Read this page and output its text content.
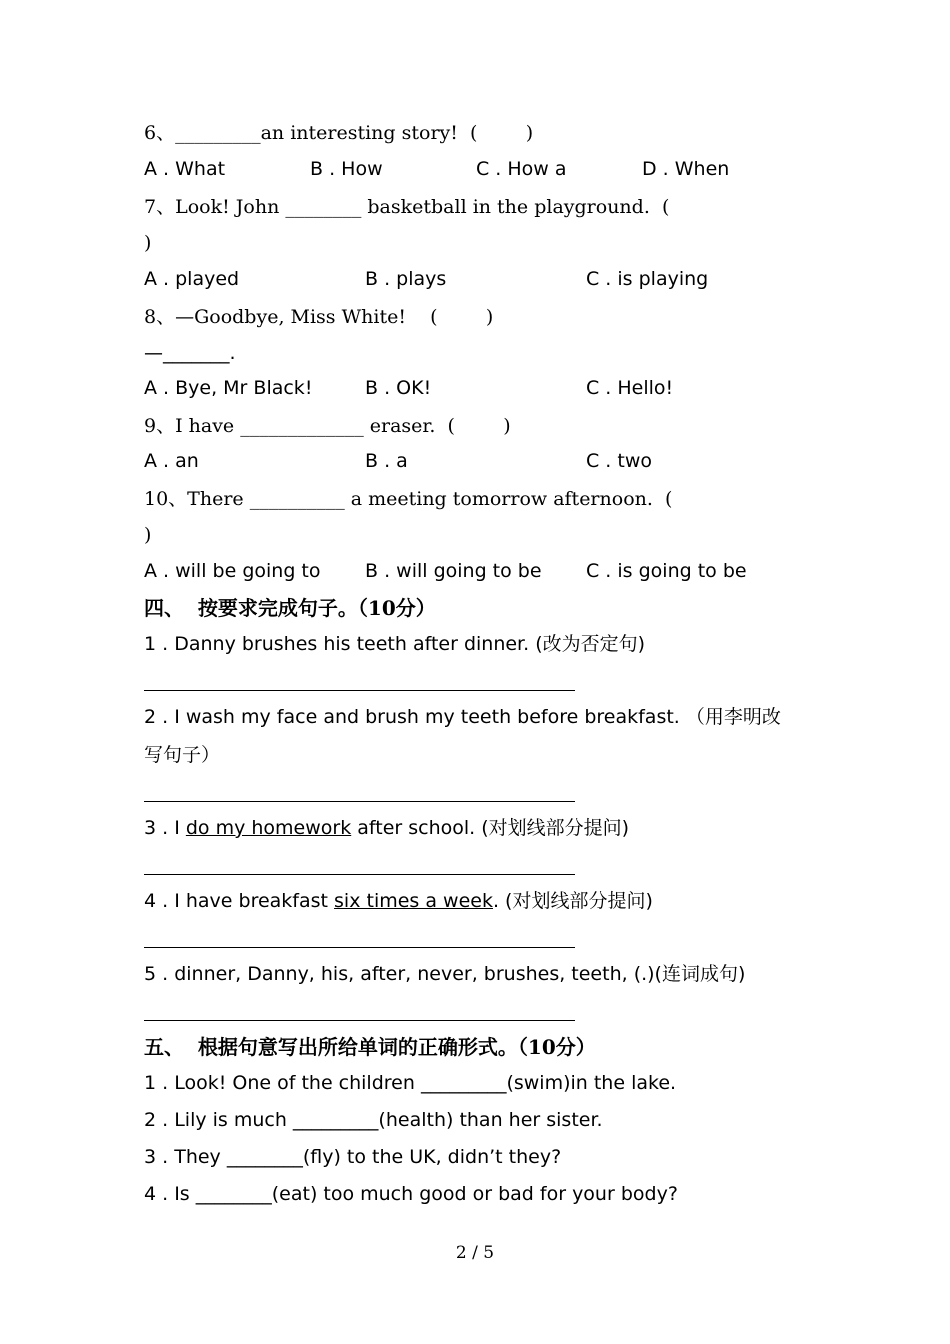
6、_________an interesting story!  (        )
A . What	B . How	C . How a	D . When
7、Look! John ________ basketball in the playground.  (
)
A . played	B . plays	C . is playing
8、—Goodbye, Miss White!    (        )
—_______.
A . Bye, Mr Black!	B . OK!	C . Hello!
9、I have _____________ eraser.  (        )
A . an	B . a	C . two
10、There __________ a meeting tomorrow afternoon.  (
)
A . will be going to B . will going to be C . is going to be
四、  按要求完成句子。（10分）
1 . Danny brushes his teeth after dinner. (改为否定句)
2 . I wash my face and brush my teeth before breakfast. （用李明改
写句子）
3 . I do my homework after school. (对划线部分提问)
4 . I have breakfast six times a week. (对划线部分提问)
5 . dinner, Danny, his, after, never, brushes, teeth, (.)(连词成句)
五、  根据句意写出所给单词的正确形式。（10分）
1 . Look! One of the children _________(swim)in the lake.
2 . Lily is much _________(health) than her sister.
3 . They ________(fly) to the UK, didn’t they?
4 . Is ________(eat) too much good or bad for your body?
2 / 5
